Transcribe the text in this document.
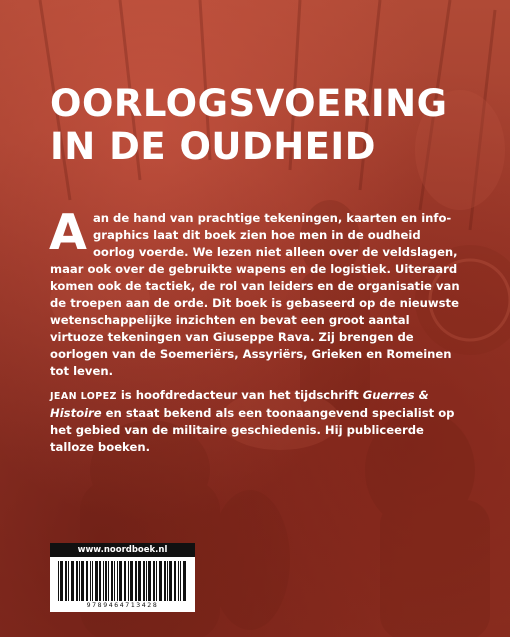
OORLOGSVOERING
IN DE OUDHEID

Aan de hand van prachtige tekeningen, kaarten en info-graphics laat dit boek zien hoe men in de oudheid oorlog voerde. We lezen niet alleen over de veldslagen, maar ook over de gebruikte wapens en de logistiek. Uiteraard komen ook de tactiek, de rol van leiders en de organisatie van de troepen aan de orde. Dit boek is gebaseerd op de nieuwste wetenschappelijke inzichten en bevat een groot aantal virtuoze tekeningen van Giuseppe Rava. Zij brengen de oorlogen van de Soemeriërs, Assyriërs, Grieken en Romeinen tot leven.

JEAN LOPEZ is hoofdredacteur van het tijdschrift Guerres & Histoire en staat bekend als een toonaangevend specialist op het gebied van de militaire geschiedenis. Hij publiceerde talloze boeken.

www.noordboek.nl
9789464713428
